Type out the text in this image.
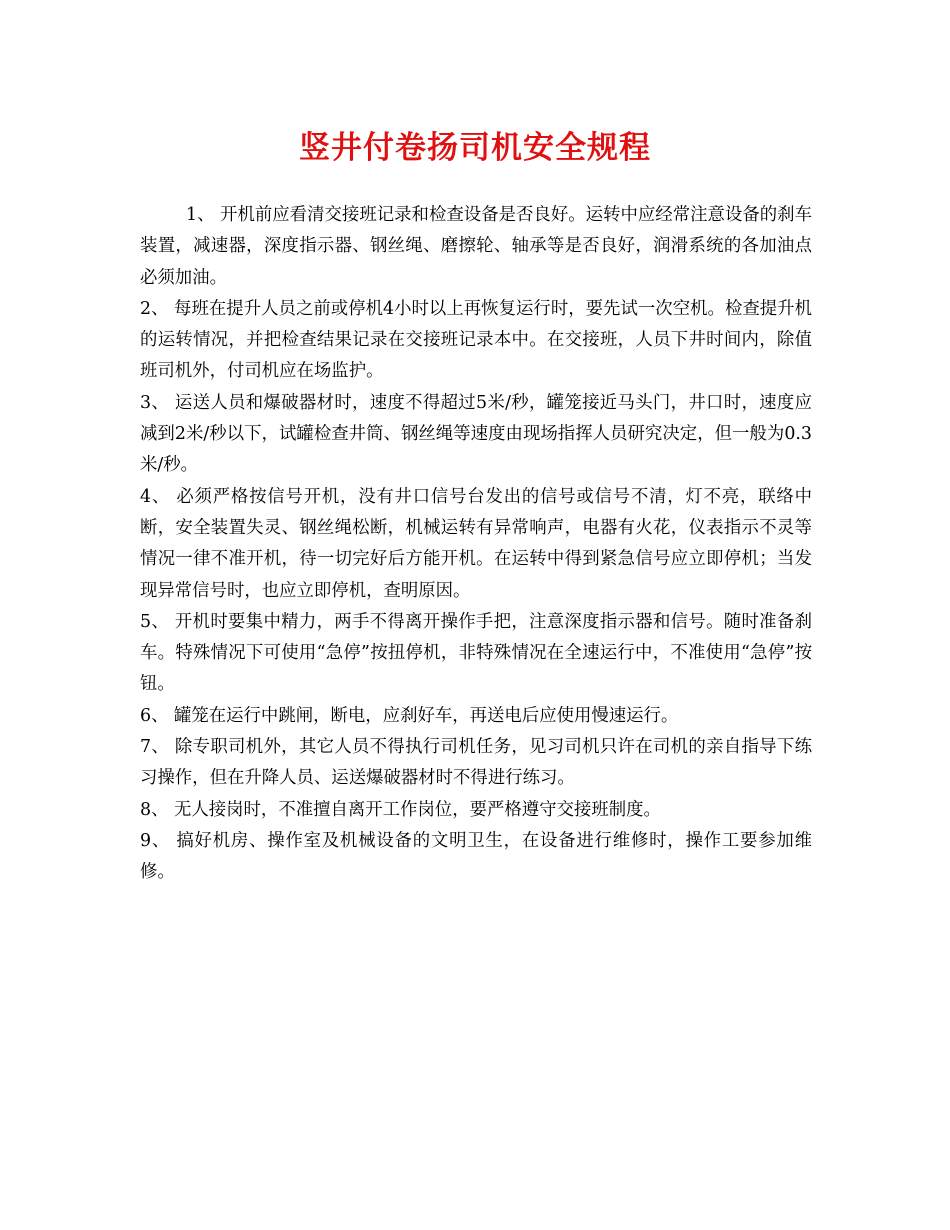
竖井付卷扬司机安全规程

1、 开机前应看清交接班记录和检查设备是否良好。运转中应经常注意设备的刹车装置，减速器，深度指示器、钢丝绳、磨擦轮、轴承等是否良好，润滑系统的各加油点必须加油。

2、 每班在提升人员之前或停机4小时以上再恢复运行时，要先试一次空机。检查提升机的运转情况，并把检查结果记录在交接班记录本中。在交接班，人员下井时间内，除值班司机外，付司机应在场监护。

3、 运送人员和爆破器材时，速度不得超过5米/秒，罐笼接近马头门，井口时，速度应减到2米/秒以下，试罐检查井筒、钢丝绳等速度由现场指挥人员研究决定，但一般为0.3米/秒。

4、 必须严格按信号开机，没有井口信号台发出的信号或信号不清，灯不亮，联络中断，安全装置失灵、钢丝绳松断，机械运转有异常响声，电器有火花，仪表指示不灵等情况一律不准开机，待一切完好后方能开机。在运转中得到紧急信号应立即停机；当发现异常信号时，也应立即停机，查明原因。

5、 开机时要集中精力，两手不得离开操作手把，注意深度指示器和信号。随时准备刹车。特殊情况下可使用“急停”按扭停机，非特殊情况在全速运行中，不准使用“急停”按钮。

6、 罐笼在运行中跳闸，断电，应刹好车，再送电后应使用慢速运行。

7、 除专职司机外，其它人员不得执行司机任务，见习司机只许在司机的亲自指导下练习操作，但在升降人员、运送爆破器材时不得进行练习。

8、 无人接岗时，不准擅自离开工作岗位，要严格遵守交接班制度。

9、 搞好机房、操作室及机械设备的文明卫生，在设备进行维修时，操作工要参加维修。
